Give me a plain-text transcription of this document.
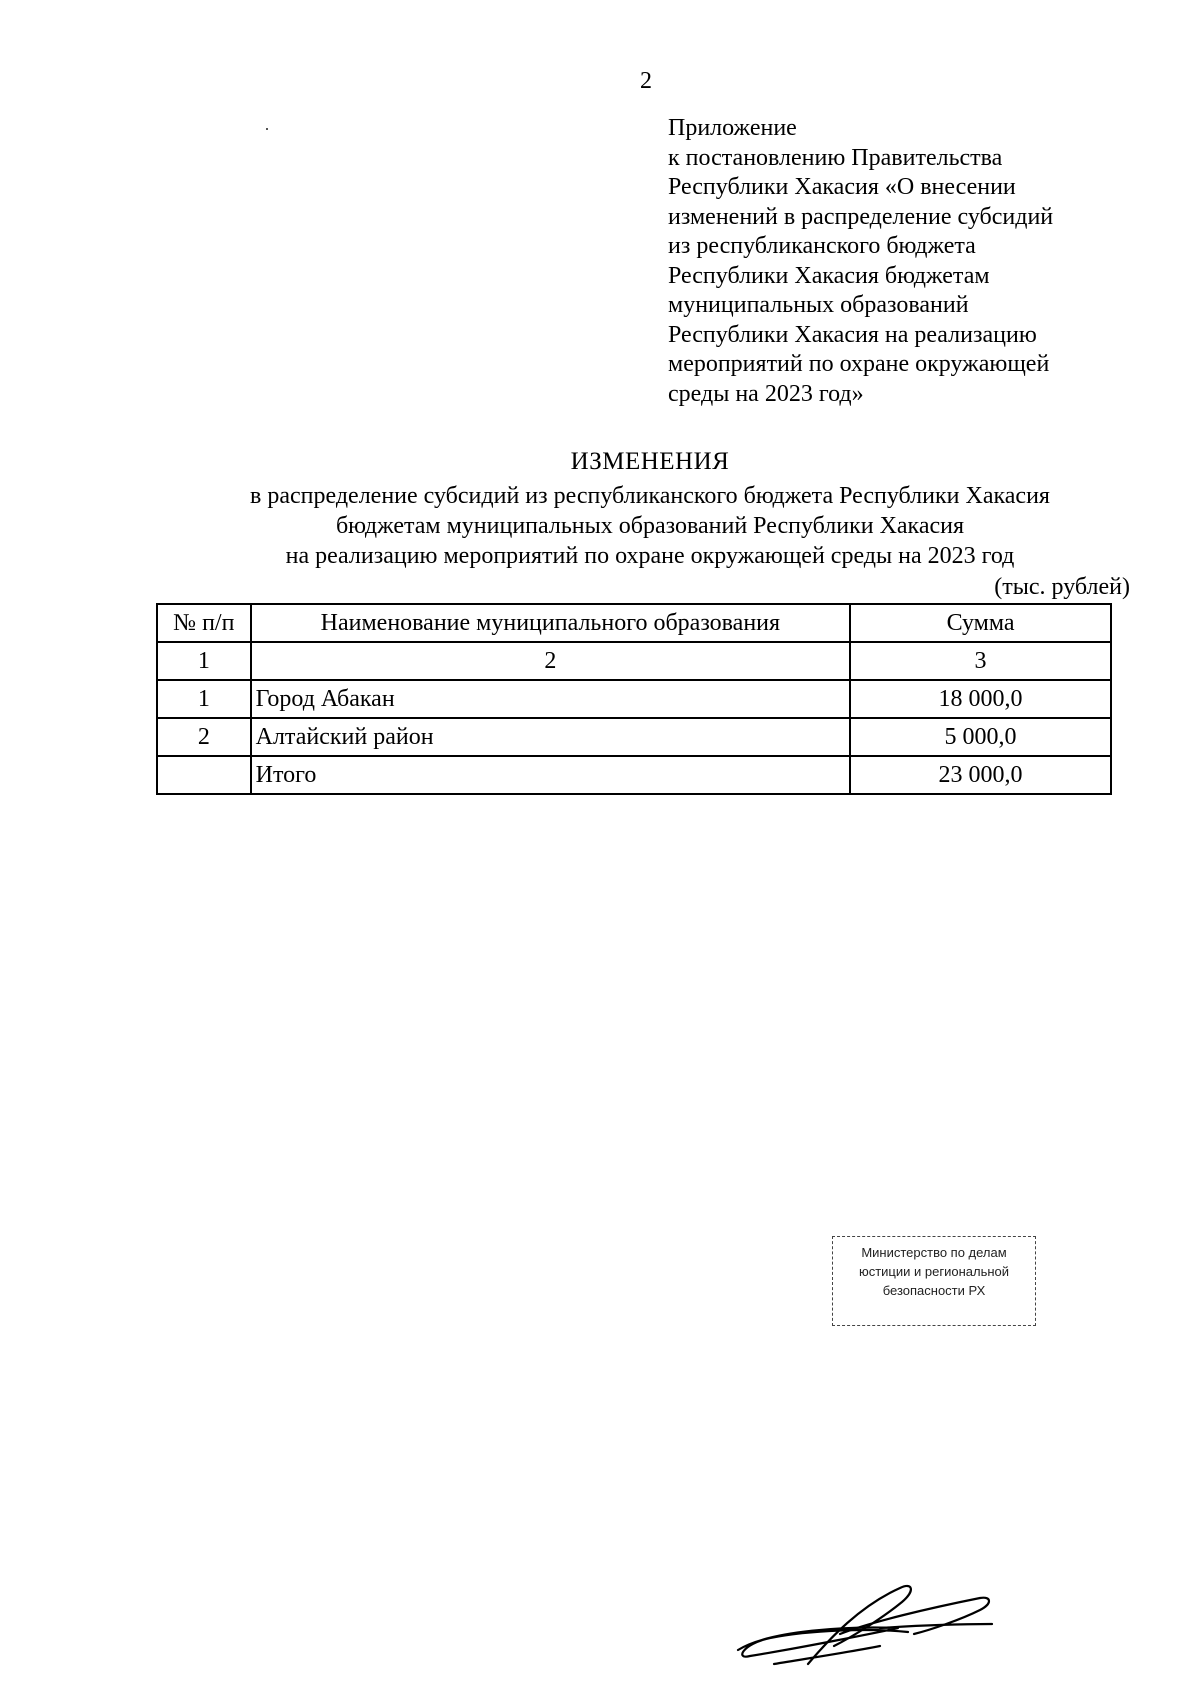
2
Приложение
к постановлению Правительства
Республики Хакасия «О внесении
изменений в распределение субсидий
из республиканского бюджета
Республики Хакасия бюджетам
муниципальных образований
Республики Хакасия на реализацию
мероприятий по охране окружающей
среды на 2023 год»
ИЗМЕНЕНИЯ
в распределение субсидий из республиканского бюджета Республики Хакасия
бюджетам муниципальных образований Республики Хакасия
на реализацию мероприятий по охране окружающей среды на 2023 год
(тыс. рублей)
№ п/п	Наименование муниципального образования	Сумма
1	2	3
1	Город Абакан	18 000,0
2	Алтайский район	5 000,0
	Итого	23 000,0
Министерство по делам
юстиции и региональной
безопасности РХ
